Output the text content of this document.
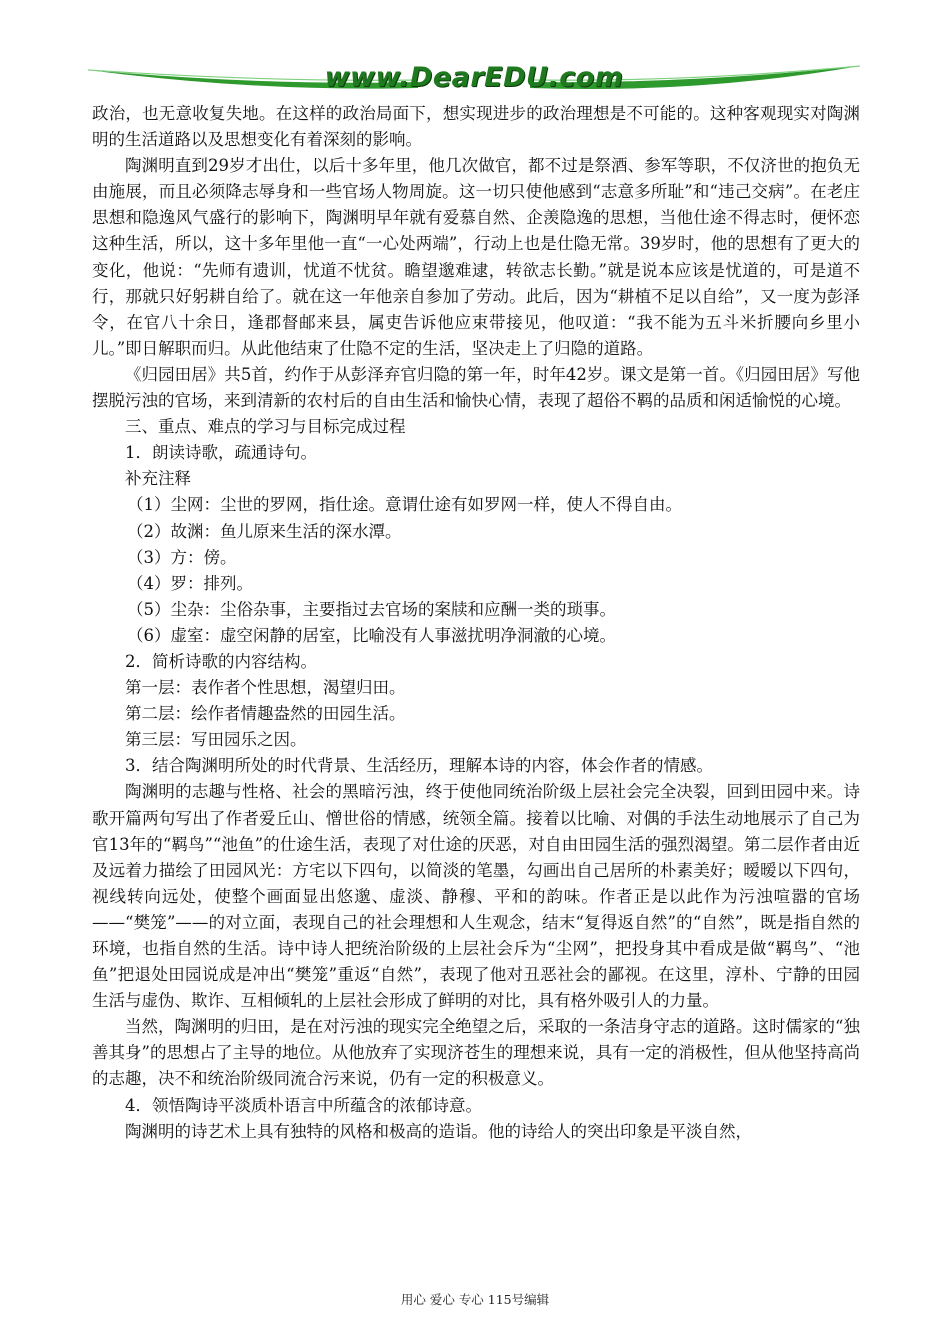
www.DearEDU.com

政治，也无意收复失地。在这样的政治局面下，想实现进步的政治理想是不可能的。这种客观现实对陶渊明的生活道路以及思想变化有着深刻的影响。

陶渊明直到29岁才出仕，以后十多年里，他几次做官，都不过是祭酒、参军等职，不仅济世的抱负无由施展，而且必须降志辱身和一些官场人物周旋。这一切只使他感到“志意多所耻”和“违己交病”。在老庄思想和隐逸风气盛行的影响下，陶渊明早年就有爱慕自然、企羡隐逸的思想，当他仕途不得志时，便怀恋这种生活，所以，这十多年里他一直“一心处两端”，行动上也是仕隐无常。39岁时，他的思想有了更大的变化，他说：“先师有遗训，忧道不忧贫。瞻望邈难逮，转欲志长勤。”就是说本应该是忧道的，可是道不行，那就只好躬耕自给了。就在这一年他亲自参加了劳动。此后，因为“耕植不足以自给”，又一度为彭泽令，在官八十余日，逢郡督邮来县，属吏告诉他应束带接见，他叹道：“我不能为五斗米折腰向乡里小儿。”即日解职而归。从此他结束了仕隐不定的生活，坚决走上了归隐的道路。

《归园田居》共5首，约作于从彭泽弃官归隐的第一年，时年42岁。课文是第一首。《归园田居》写他摆脱污浊的官场，来到清新的农村后的自由生活和愉快心情，表现了超俗不羁的品质和闲适愉悦的心境。

三、重点、难点的学习与目标完成过程

1．朗读诗歌，疏通诗句。

补充注释

（1）尘网：尘世的罗网，指仕途。意谓仕途有如罗网一样，使人不得自由。

（2）故渊：鱼儿原来生活的深水潭。

（3）方：傍。

（4）罗：排列。

（5）尘杂：尘俗杂事，主要指过去官场的案牍和应酬一类的琐事。

（6）虚室：虚空闲静的居室，比喻没有人事滋扰明净洞澈的心境。

2．简析诗歌的内容结构。

第一层：表作者个性思想，渴望归田。

第二层：绘作者情趣盎然的田园生活。

第三层：写田园乐之因。

3．结合陶渊明所处的时代背景、生活经历，理解本诗的内容，体会作者的情感。

陶渊明的志趣与性格、社会的黑暗污浊，终于使他同统治阶级上层社会完全决裂，回到田园中来。诗歌开篇两句写出了作者爱丘山、憎世俗的情感，统领全篇。接着以比喻、对偶的手法生动地展示了自己为官13年的“羁鸟”“池鱼”的仕途生活，表现了对仕途的厌恶，对自由田园生活的强烈渴望。第二层作者由近及远着力描绘了田园风光：方宅以下四句，以简淡的笔墨，勾画出自己居所的朴素美好；暧暧以下四句，视线转向远处，使整个画面显出悠邈、虚淡、静穆、平和的韵味。作者正是以此作为污浊喧嚣的官场——“樊笼”——的对立面，表现自己的社会理想和人生观念，结末“复得返自然”的“自然”，既是指自然的环境，也指自然的生活。诗中诗人把统治阶级的上层社会斥为“尘网”，把投身其中看成是做“羁鸟”、“池鱼”把退处田园说成是冲出“樊笼”重返“自然”，表现了他对丑恶社会的鄙视。在这里，淳朴、宁静的田园生活与虚伪、欺诈、互相倾轧的上层社会形成了鲜明的对比，具有格外吸引人的力量。

当然，陶渊明的归田，是在对污浊的现实完全绝望之后，采取的一条洁身守志的道路。这时儒家的“独善其身”的思想占了主导的地位。从他放弃了实现济苍生的理想来说，具有一定的消极性，但从他坚持高尚的志趣，决不和统治阶级同流合污来说，仍有一定的积极意义。

4．领悟陶诗平淡质朴语言中所蕴含的浓郁诗意。

陶渊明的诗艺术上具有独特的风格和极高的造诣。他的诗给人的突出印象是平淡自然，

用心 爱心 专心 115号编辑
